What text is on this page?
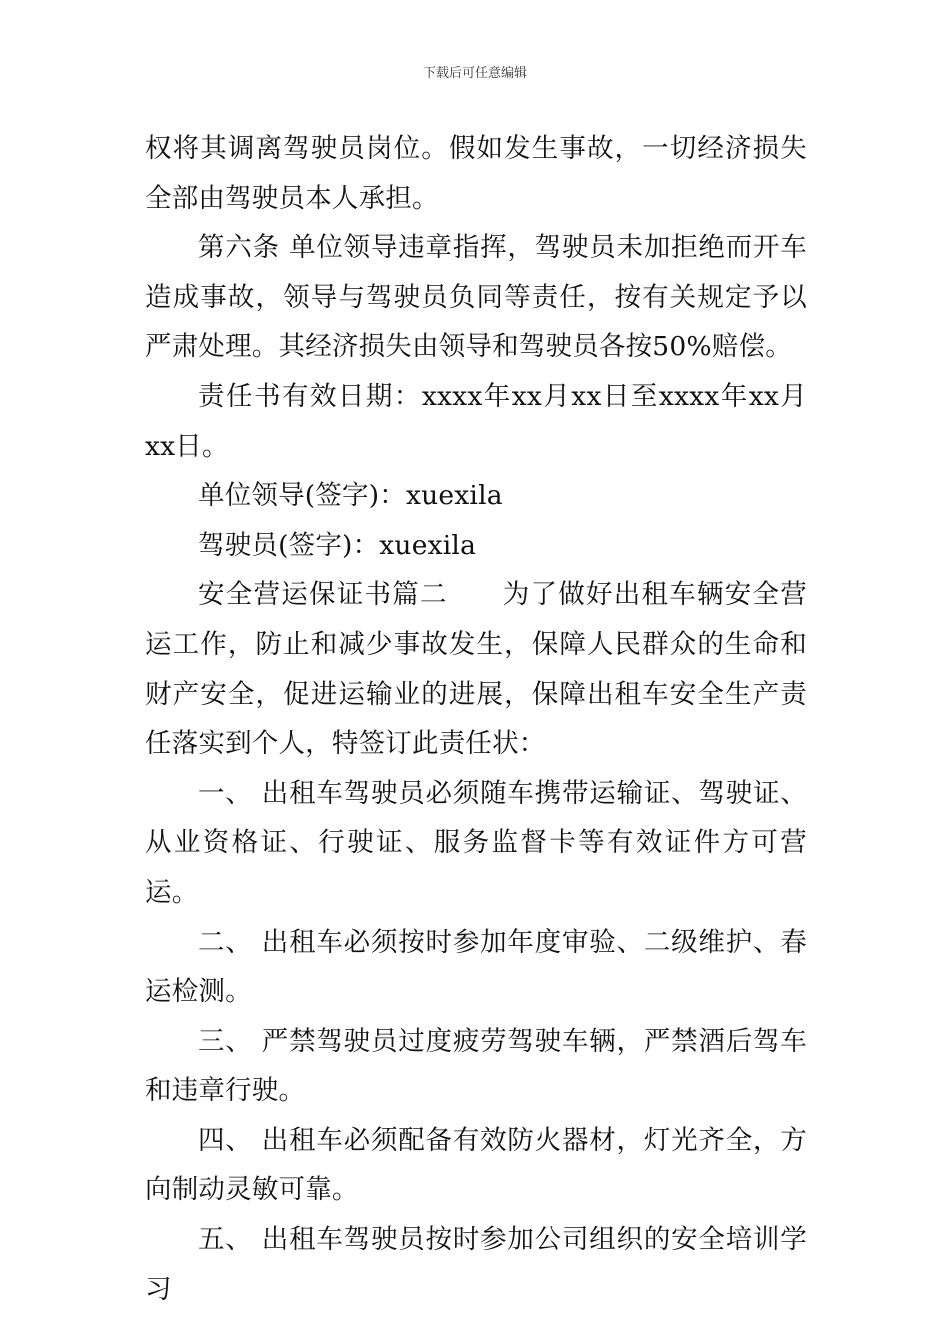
下载后可任意编辑

权将其调离驾驶员岗位。假如发生事故，一切经济损失全部由驾驶员本人承担。

第六条 单位领导违章指挥，驾驶员未加拒绝而开车造成事故，领导与驾驶员负同等责任，按有关规定予以严肃处理。其经济损失由领导和驾驶员各按50%赔偿。

责任书有效日期：xxxx年xx月xx日至xxxx年xx月xx日。

单位领导(签字)：xuexila

驾驶员(签字)：xuexila

安全营运保证书篇二 为了做好出租车辆安全营运工作，防止和减少事故发生，保障人民群众的生命和财产安全，促进运输业的进展，保障出租车安全生产责任落实到个人，特签订此责任状：

一、 出租车驾驶员必须随车携带运输证、驾驶证、从业资格证、行驶证、服务监督卡等有效证件方可营运。

二、 出租车必须按时参加年度审验、二级维护、春运检测。

三、 严禁驾驶员过度疲劳驾驶车辆，严禁酒后驾车和违章行驶。

四、 出租车必须配备有效防火器材，灯光齐全，方向制动灵敏可靠。

五、 出租车驾驶员按时参加公司组织的安全培训学习
